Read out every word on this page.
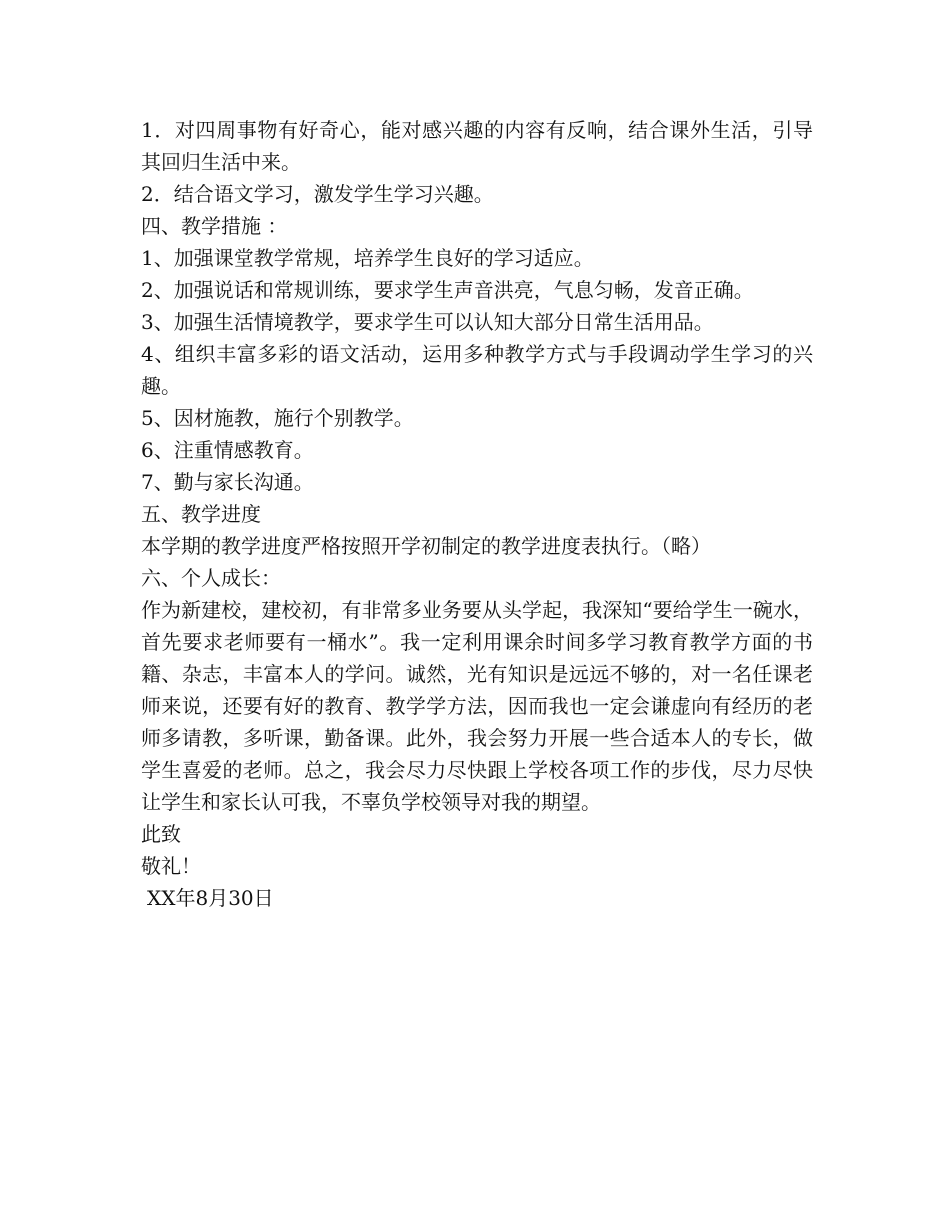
1．对四周事物有好奇心，能对感兴趣的内容有反响，结合课外生活，引导其回归生活中来。

2．结合语文学习，激发学生学习兴趣。

四、教学措施 ：

1、加强课堂教学常规，培养学生良好的学习适应。

2、加强说话和常规训练，要求学生声音洪亮，气息匀畅，发音正确。

3、加强生活情境教学，要求学生可以认知大部分日常生活用品。

4、组织丰富多彩的语文活动，运用多种教学方式与手段调动学生学习的兴趣。

5、因材施教，施行个别教学。

6、注重情感教育。

7、勤与家长沟通。

五、教学进度

本学期的教学进度严格按照开学初制定的教学进度表执行。（略）

六、个人成长：

作为新建校，建校初，有非常多业务要从头学起，我深知“要给学生一碗水，首先要求老师要有一桶水”。我一定利用课余时间多学习教育教学方面的书籍、杂志，丰富本人的学问。诚然，光有知识是远远不够的，对一名任课老师来说，还要有好的教育、教学学方法，因而我也一定会谦虚向有经历的老师多请教，多听课，勤备课。此外，我会努力开展一些合适本人的专长，做学生喜爱的老师。总之，我会尽力尽快跟上学校各项工作的步伐，尽力尽快让学生和家长认可我，不辜负学校领导对我的期望。

此致

敬礼！

XX年8月30日
